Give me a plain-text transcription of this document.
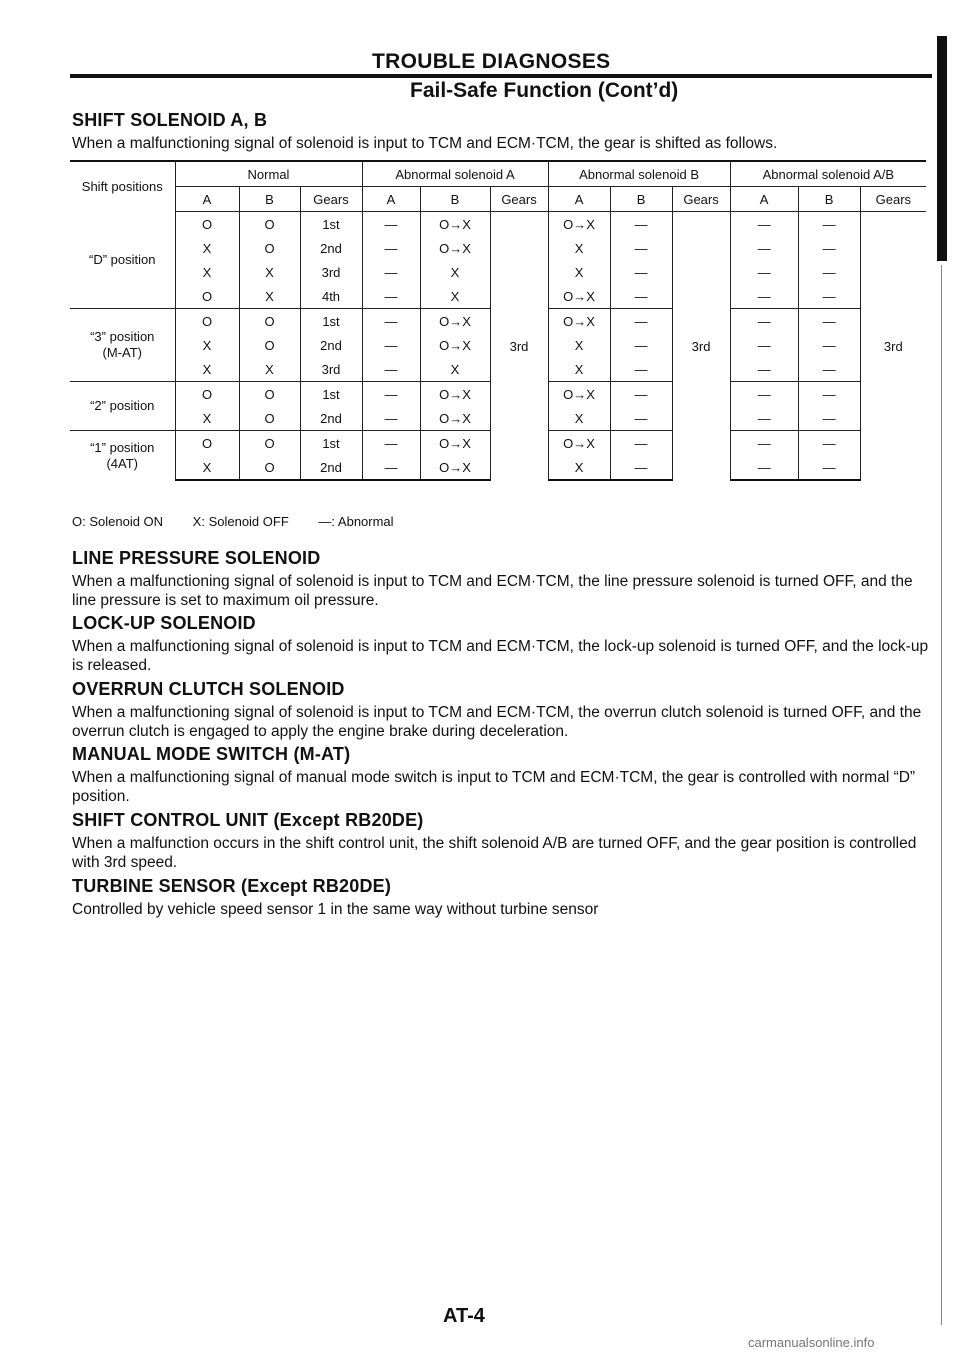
TROUBLE DIAGNOSES
Fail-Safe Function (Cont’d)
SHIFT SOLENOID A, B
When a malfunctioning signal of solenoid is input to TCM and ECM·TCM, the gear is shifted as follows.
Shift positions	Normal			Abnormal solenoid A			Abnormal solenoid B			Abnormal solenoid A/B		
	A	B	Gears	A	B	Gears	A	B	Gears	A	B	Gears

“D” position	O	O	1st	—	O→X	3rd	O→X	—	3rd	—	—	3rd
	X	O	2nd	—	O→X		X	—		—	—	
	X	X	3rd	—	X		X	—		—	—	
	O	X	4th	—	X		O→X	—		—	—	

“3” position
(M-AT)	O	O	1st	—	O→X		O→X	—		—	—	
	X	O	2nd	—	O→X		X	—		—	—	
	X	X	3rd	—	X		X	—		—	—	

“2” position	O	O	1st	—	O→X		O→X	—		—	—	
	X	O	2nd	—	O→X		X	—		—	—	

“1” position
(4AT)	O	O	1st	—	O→X		O→X	—		—	—	
	X	O	2nd	—	O→X		X	—		—	—	
O: Solenoid ON X: Solenoid OFF —: Abnormal
LINE PRESSURE SOLENOID
When a malfunctioning signal of solenoid is input to TCM and ECM·TCM, the line pressure solenoid is turned OFF, and the line pressure is set to maximum oil pressure.
LOCK-UP SOLENOID
When a malfunctioning signal of solenoid is input to TCM and ECM·TCM, the lock-up solenoid is turned OFF, and the lock-up is released.
OVERRUN CLUTCH SOLENOID
When a malfunctioning signal of solenoid is input to TCM and ECM·TCM, the overrun clutch solenoid is turned OFF, and the overrun clutch is engaged to apply the engine brake during deceleration.
MANUAL MODE SWITCH (M-AT)
When a malfunctioning signal of manual mode switch is input to TCM and ECM·TCM, the gear is controlled with normal “D” position.
SHIFT CONTROL UNIT (Except RB20DE)
When a malfunction occurs in the shift control unit, the shift solenoid A/B are turned OFF, and the gear position is controlled with 3rd speed.
TURBINE SENSOR (Except RB20DE)
Controlled by vehicle speed sensor 1 in the same way without turbine sensor
AT-4
carmanualsonline.info
